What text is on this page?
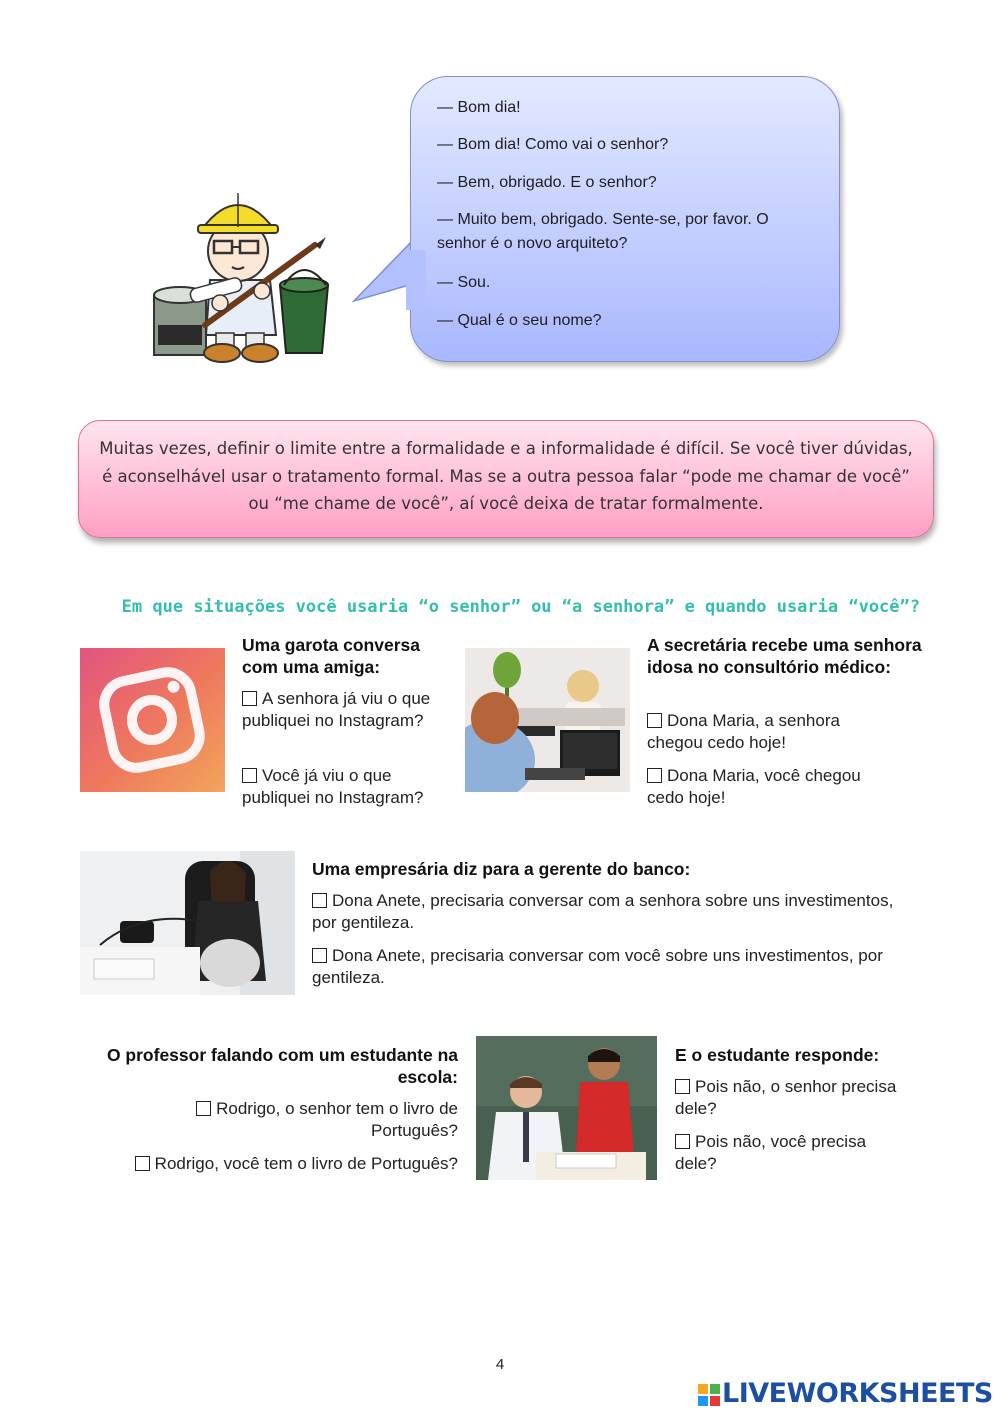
— Bom dia!
— Bom dia! Como vai o senhor?
— Bem, obrigado. E o senhor?
— Muito bem, obrigado. Sente-se, por favor. O senhor é o novo arquiteto?
— Sou.
— Qual é o seu nome?
Muitas vezes, definir o limite entre a formalidade e a informalidade é difícil. Se você tiver dúvidas, é aconselhável usar o tratamento formal. Mas se a outra pessoa falar “pode me chamar de você” ou “me chame de você”, aí você deixa de tratar formalmente.
Em que situações você usaria “o senhor” ou “a senhora” e quando usaria “você”?
Uma garota conversa com uma amiga:
A senhora já viu o que publiquei no Instagram?
Você já viu o que publiquei no Instagram?
A secretária recebe uma senhora idosa no consultório médico:
Dona Maria, a senhora chegou cedo hoje!
Dona Maria, você chegou cedo hoje!
Uma empresária diz para a gerente do banco:
Dona Anete, precisaria conversar com a senhora sobre uns investimentos, por gentileza.
Dona Anete, precisaria conversar com você sobre uns investimentos, por gentileza.
O professor falando com um estudante na escola:
Rodrigo, o senhor tem o livro de Português?
Rodrigo, você tem o livro de Português?
E o estudante responde:
Pois não, o senhor precisa dele?
Pois não, você precisa dele?
4
LIVEWORKSHEETS
